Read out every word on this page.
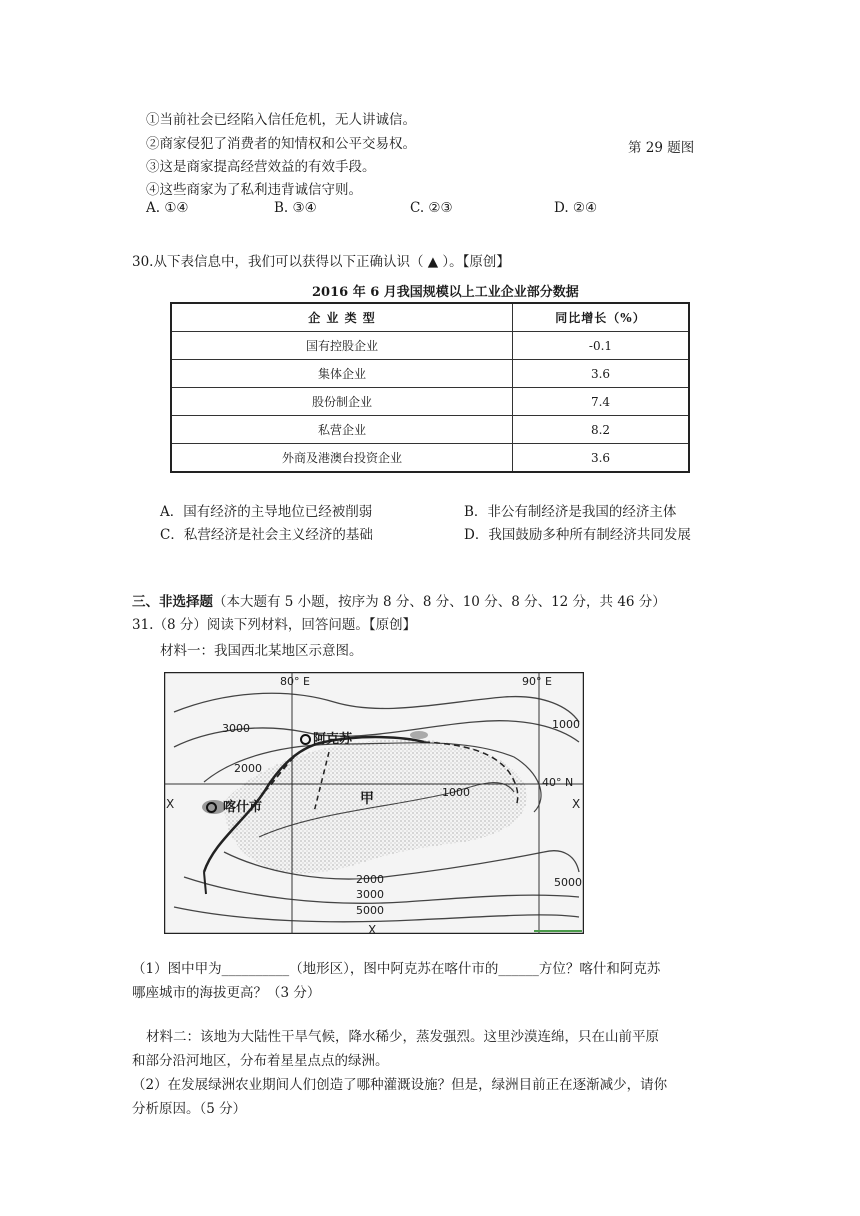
①当前社会已经陷入信任危机，无人讲诚信。
②商家侵犯了消费者的知情权和公平交易权。
③这是商家提高经营效益的有效手段。
④这些商家为了私利违背诚信守则。
第 29 题图
A. ①④	B. ③④	C. ②③	D. ②④
30.从下表信息中，我们可以获得以下正确认识（ ▲ ）。【原创】
2016 年 6 月我国规模以上工业企业部分数据
企 业 类 型	同比增长（%）
国有控股企业	-0.1
集体企业	3.6
股份制企业	7.4
私营企业	8.2
外商及港澳台投资企业	3.6
A．国有经济的主导地位已经被削弱	B．非公有制经济是我国的经济主体
C．私营经济是社会主义经济的基础	D．我国鼓励多种所有制经济共同发展
三、非选择题（本大题有 5 小题，按序为 8 分、8 分、10 分、8 分、12 分，共 46 分）
31.（8 分）阅读下列材料，回答问题。【原创】
材料一：我国西北某地区示意图。
X	X
X
80° E	90° E
40° N
3000
2000
1000
1000
2000
3000
5000
5000
阿克苏
喀什市
甲
（1）图中甲为__________（地形区），图中阿克苏在喀什市的______方位？喀什和阿克苏
哪座城市的海拔更高？（3 分）
材料二：该地为大陆性干旱气候，降水稀少，蒸发强烈。这里沙漠连绵，只在山前平原
和部分沿河地区，分布着星星点点的绿洲。
（2）在发展绿洲农业期间人们创造了哪种灌溉设施？但是，绿洲目前正在逐渐减少，请你
分析原因。（5 分）
